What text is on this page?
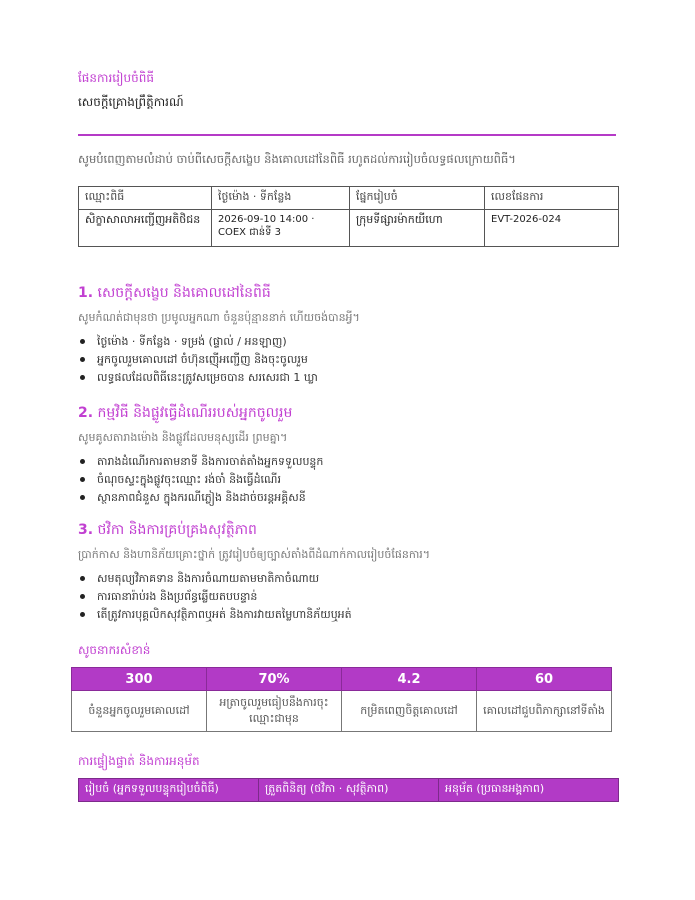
ផែនការរៀបចំពិធី
សេចក្តីគ្រោងព្រឹត្តិការណ៍
សូមបំពេញតាមលំដាប់ ចាប់ពីសេចក្តីសង្ខេប និងគោលដៅនៃពិធី រហូតដល់ការរៀបចំលទ្ធផលក្រោយពិធី។
ឈ្មោះពិធី	ថ្ងៃម៉ោង · ទីកន្លែង	ផ្នែករៀបចំ	លេខផែនការ
សិក្ខាសាលាអញ្ជើញអតិថិជន	2026-09-10 14:00 · COEX ជាន់ទី 3	ក្រុមទីផ្សារម៉ាកយីហោ	EVT-2026-024
1. សេចក្តីសង្ខេប និងគោលដៅនៃពិធី

សូមកំណត់ជាមុនថា ប្រមូលអ្នកណា ចំនួនប៉ុន្មាននាក់ ហើយចង់បានអ្វី។

ថ្ងៃម៉ោង · ទីកន្លែង · ទម្រង់ (ផ្ទាល់ / អនឡាញ)
អ្នកចូលរួមគោលដៅ ចំហ៊ុនញ៉ើអញ្ជើញ និងចុះចូលរួម
លទ្ធផលដែលពិធីនេះត្រូវសម្រេចបាន សរសេរជា 1 ឃ្លា
2. កម្មវិធី និងផ្លូវធ្វើដំណើររបស់អ្នកចូលរួម

សូមគូសតារាងម៉ោង និងផ្លូវដែលមនុស្សដើរ ព្រមគ្នា។

តារាងដំណើរការតាមនាទី និងការចាត់តាំងអ្នកទទួលបន្ទុក
ចំណុចស្ទះក្នុងផ្លូវចុះឈ្មោះ រង់ចាំ និងធ្វើដំណើរ
ស្ថានភាពជំនួស ក្នុងករណីភ្លៀង និងដាច់ចរន្តអគ្គិសនី
3. ថវិកា និងការគ្រប់គ្រងសុវត្ថិភាព

ប្រាក់កាស និងហានិភ័យគ្រោះថ្នាក់ ត្រូវរៀបចំឲ្យច្បាស់តាំងពីដំណាក់កាលរៀបចំផែនការ។

សមតុល្យវិភាគទាន និងការចំណាយតាមមាតិកាចំណាយ
ការធានារ៉ាប់រង និងប្រព័ន្ធឆ្លើយតបបន្ទាន់
តើត្រូវការបុគ្គលិកសុវត្ថិភាពឬអត់ និងការវាយតម្លៃហានិភ័យឬអត់
សូចនាករសំខាន់
300	70%	4.2	60
ចំនួនអ្នកចូលរួមគោលដៅ	អត្រាចូលរួមធៀបនឹងការចុះឈ្មោះជាមុន	កម្រិតពេញចិត្តគោលដៅ	គោលដៅជួបពិភាក្សានៅទីតាំង
ការផ្ទៀងផ្ទាត់ និងការអនុម័ត
រៀបចំ (អ្នកទទួលបន្ទុករៀបចំពិធី)	ត្រួតពិនិត្យ (ថវិកា · សុវត្ថិភាព)	អនុម័ត (ប្រធានអង្គភាព)
